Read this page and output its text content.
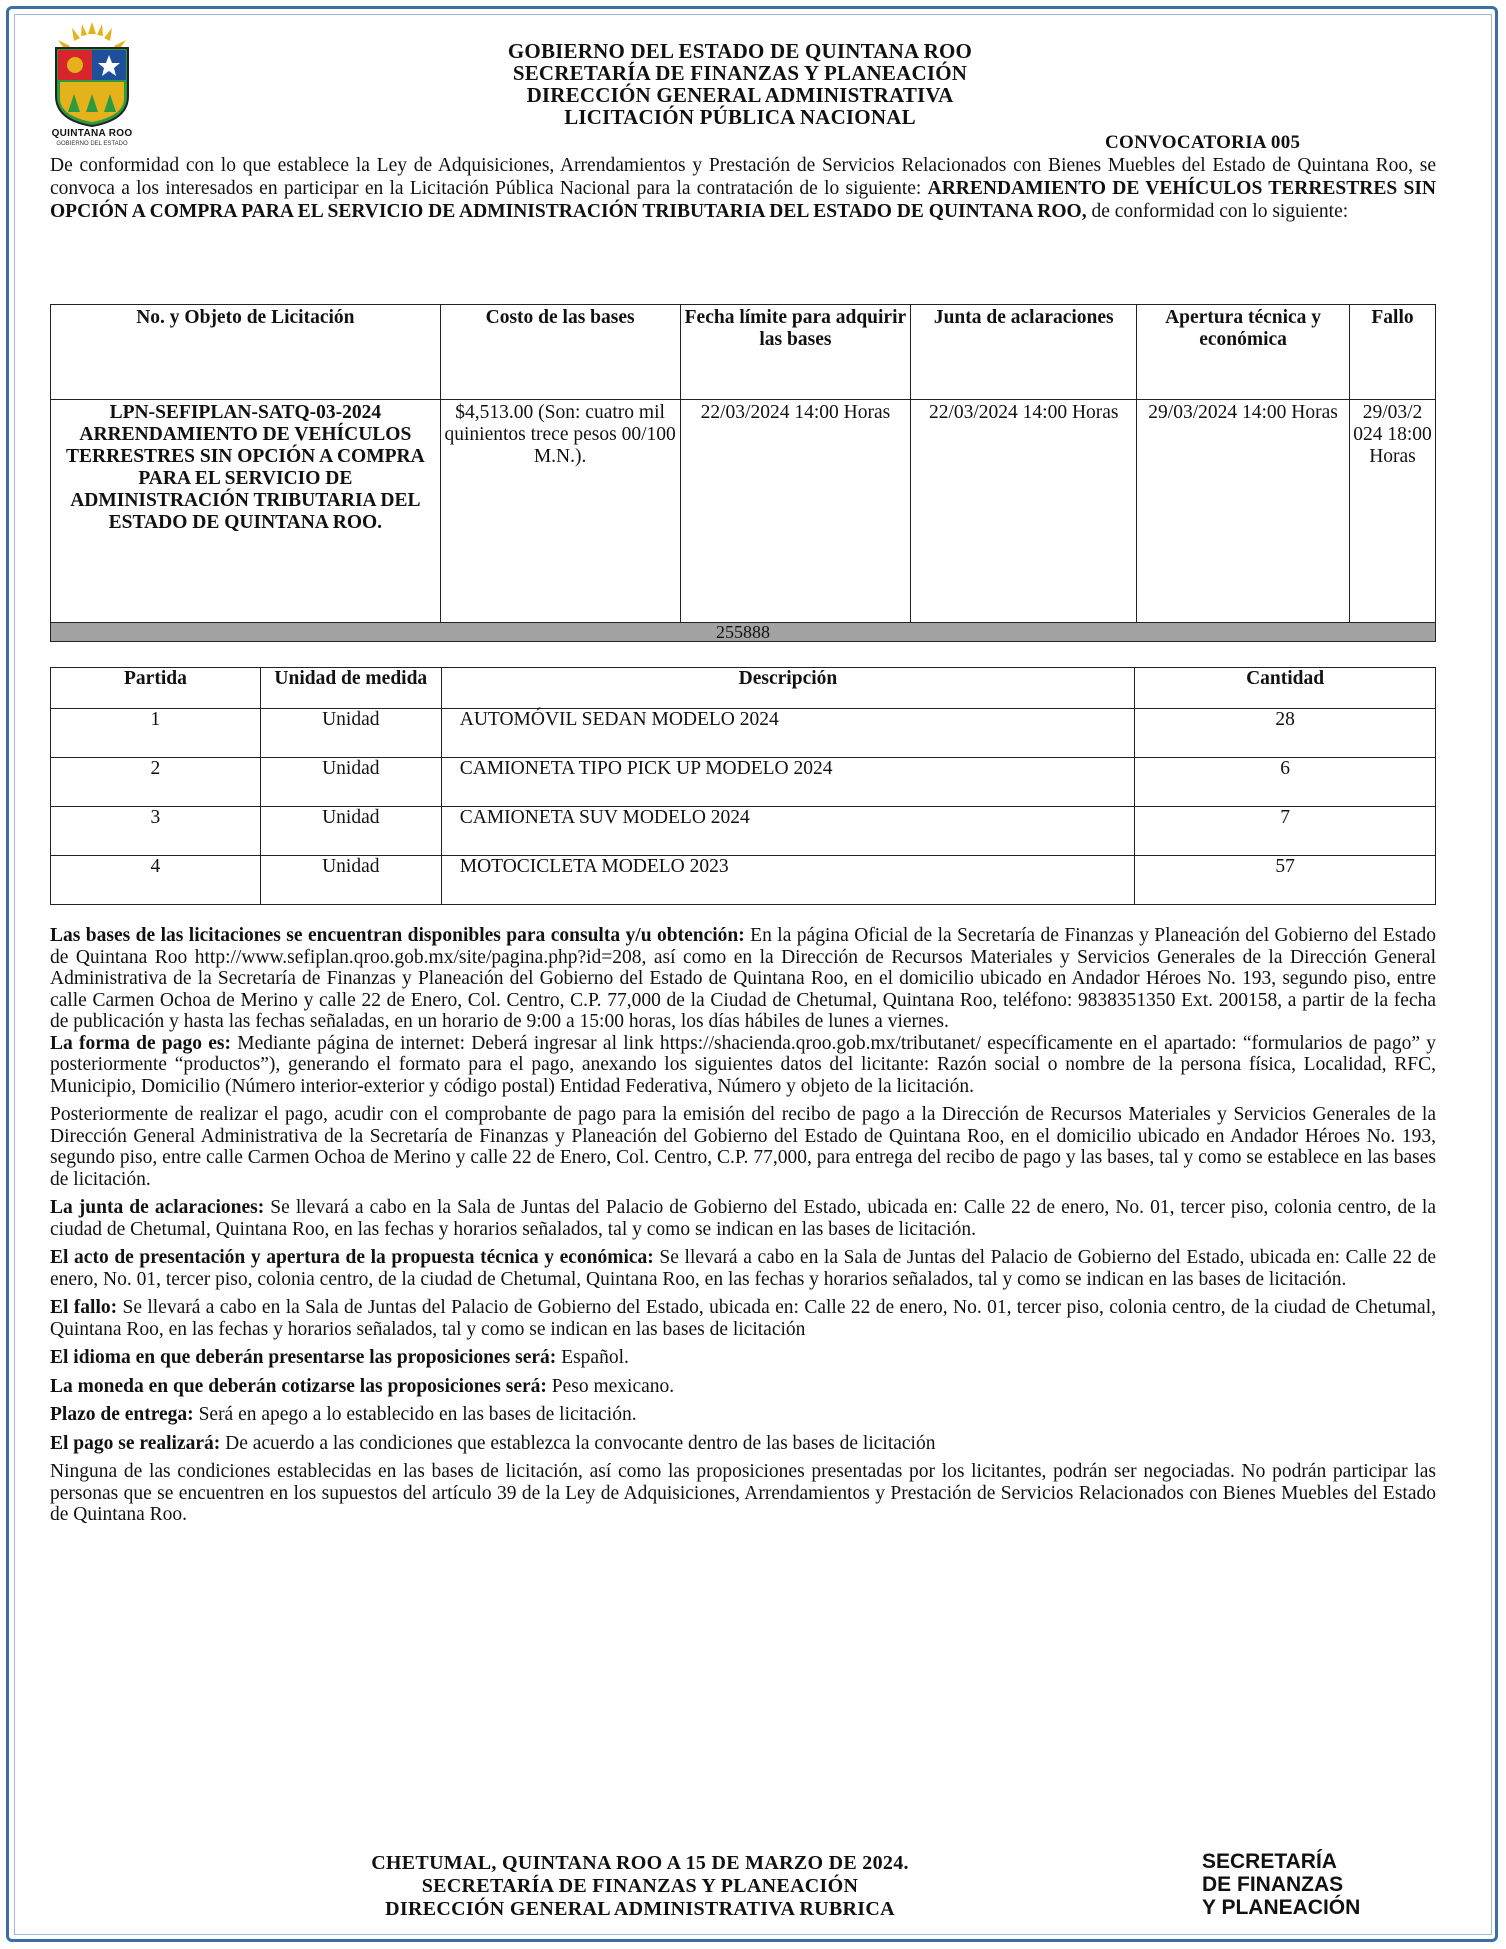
QUINTANA ROO
GOBIERNO DEL ESTADO
GOBIERNO DEL ESTADO DE QUINTANA ROO
SECRETARÍA DE FINANZAS Y PLANEACIÓN
DIRECCIÓN GENERAL ADMINISTRATIVA
LICITACIÓN PÚBLICA NACIONAL
CONVOCATORIA 005
De conformidad con lo que establece la Ley de Adquisiciones, Arrendamientos y Prestación de Servicios Relacionados con Bienes Muebles del Estado de Quintana Roo, se convoca a los interesados en participar en la Licitación Pública Nacional para la contratación de lo siguiente: ARRENDAMIENTO DE VEHÍCULOS TERRESTRES SIN OPCIÓN A COMPRA PARA EL SERVICIO DE ADMINISTRACIÓN TRIBUTARIA DEL ESTADO DE QUINTANA ROO, de conformidad con lo siguiente:
No. y Objeto de Licitación	Costo de las bases	Fecha límite para adquirir las bases	Junta de aclaraciones	Apertura técnica y económica	Fallo
LPN-SEFIPLAN-SATQ-03-2024 ARRENDAMIENTO DE VEHÍCULOS TERRESTRES SIN OPCIÓN A COMPRA PARA EL SERVICIO DE ADMINISTRACIÓN TRIBUTARIA DEL ESTADO DE QUINTANA ROO.	$4,513.00 (Son: cuatro mil quinientos trece pesos 00/100 M.N.).	22/03/2024 14:00 Horas	22/03/2024 14:00 Horas	29/03/2024 14:00 Horas	29/03/2 024 18:00 Horas
255888					
Partida	Unidad de medida	Descripción	Cantidad
1	Unidad	AUTOMÓVIL SEDAN MODELO 2024	28
2	Unidad	CAMIONETA TIPO PICK UP MODELO 2024	6
3	Unidad	CAMIONETA SUV MODELO 2024	7
4	Unidad	MOTOCICLETA MODELO 2023	57

Las bases de las licitaciones se encuentran disponibles para consulta y/u obtención: En la página Oficial de la Secretaría de Finanzas y Planeación del Gobierno del Estado de Quintana Roo http://www.sefiplan.qroo.gob.mx/site/pagina.php?id=208, así como en la Dirección de Recursos Materiales y Servicios Generales de la Dirección General Administrativa de la Secretaría de Finanzas y Planeación del Gobierno del Estado de Quintana Roo, en el domicilio ubicado en Andador Héroes No. 193, segundo piso, entre calle Carmen Ochoa de Merino y calle 22 de Enero, Col. Centro, C.P. 77,000 de la Ciudad de Chetumal, Quintana Roo, teléfono: 9838351350 Ext. 200158, a partir de la fecha de publicación y hasta las fechas señaladas, en un horario de 9:00 a 15:00 horas, los días hábiles de lunes a viernes.

La forma de pago es: Mediante página de internet: Deberá ingresar al link https://shacienda.qroo.gob.mx/tributanet/ específicamente en el apartado: “formularios de pago” y posteriormente “productos”), generando el formato para el pago, anexando los siguientes datos del licitante: Razón social o nombre de la persona física, Localidad, RFC, Municipio, Domicilio (Número interior-exterior y código postal) Entidad Federativa, Número y objeto de la licitación.

Posteriormente de realizar el pago, acudir con el comprobante de pago para la emisión del recibo de pago a la Dirección de Recursos Materiales y Servicios Generales de la Dirección General Administrativa de la Secretaría de Finanzas y Planeación del Gobierno del Estado de Quintana Roo, en el domicilio ubicado en Andador Héroes No. 193, segundo piso, entre calle Carmen Ochoa de Merino y calle 22 de Enero, Col. Centro, C.P. 77,000, para entrega del recibo de pago y las bases, tal y como se establece en las bases de licitación.

La junta de aclaraciones: Se llevará a cabo en la Sala de Juntas del Palacio de Gobierno del Estado, ubicada en: Calle 22 de enero, No. 01, tercer piso, colonia centro, de la ciudad de Chetumal, Quintana Roo, en las fechas y horarios señalados, tal y como se indican en las bases de licitación.

El acto de presentación y apertura de la propuesta técnica y económica: Se llevará a cabo en la Sala de Juntas del Palacio de Gobierno del Estado, ubicada en: Calle 22 de enero, No. 01, tercer piso, colonia centro, de la ciudad de Chetumal, Quintana Roo, en las fechas y horarios señalados, tal y como se indican en las bases de licitación.

El fallo: Se llevará a cabo en la Sala de Juntas del Palacio de Gobierno del Estado, ubicada en: Calle 22 de enero, No. 01, tercer piso, colonia centro, de la ciudad de Chetumal, Quintana Roo, en las fechas y horarios señalados, tal y como se indican en las bases de licitación

El idioma en que deberán presentarse las proposiciones será: Español.

La moneda en que deberán cotizarse las proposiciones será: Peso mexicano.

Plazo de entrega: Será en apego a lo establecido en las bases de licitación.

El pago se realizará: De acuerdo a las condiciones que establezca la convocante dentro de las bases de licitación

Ninguna de las condiciones establecidas en las bases de licitación, así como las proposiciones presentadas por los licitantes, podrán ser negociadas. No podrán participar las personas que se encuentren en los supuestos del artículo 39 de la Ley de Adquisiciones, Arrendamientos y Prestación de Servicios Relacionados con Bienes Muebles del Estado de Quintana Roo.

CHETUMAL, QUINTANA ROO A 15 DE MARZO DE 2024.
SECRETARÍA DE FINANZAS Y PLANEACIÓN
DIRECCIÓN GENERAL ADMINISTRATIVA RUBRICA
SECRETARÍA
DE FINANZAS
Y PLANEACIÓN
